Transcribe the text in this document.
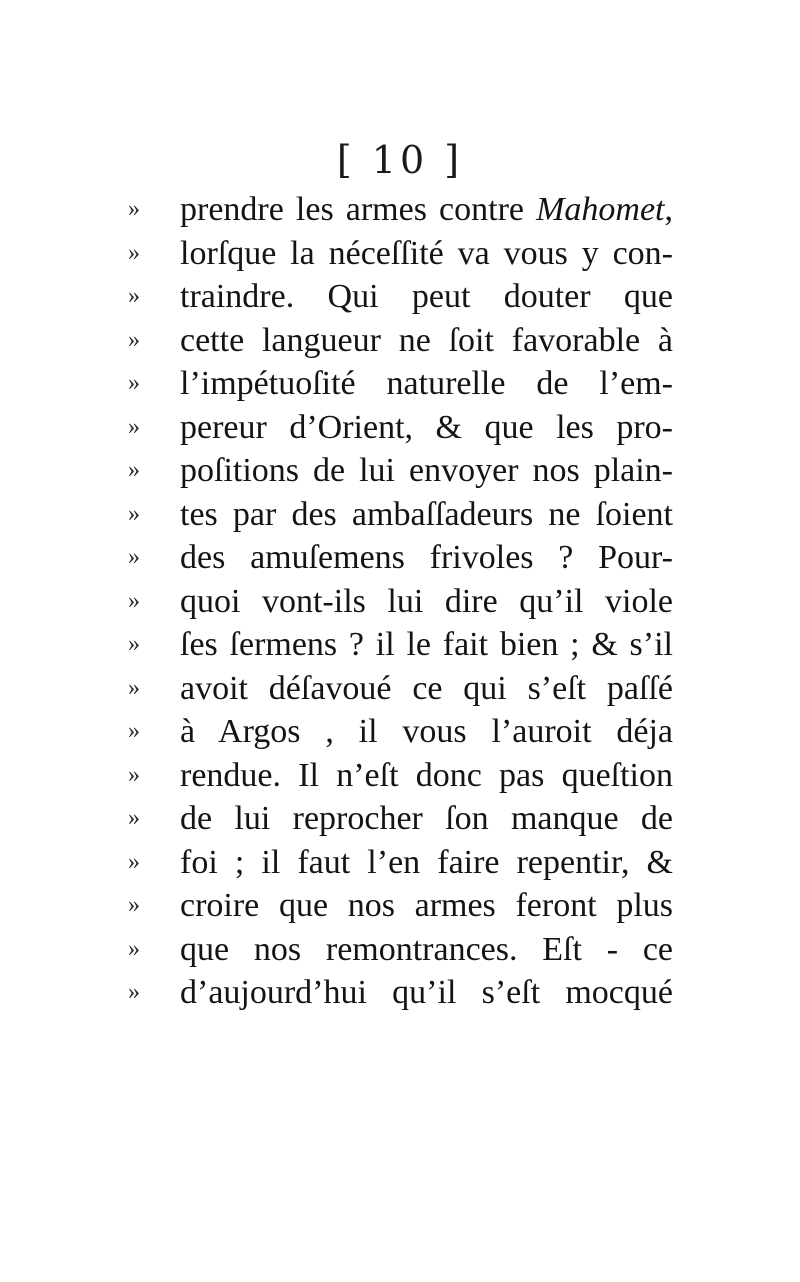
[ 10 ]
»	prendre les armes contre Mahomet,
»	lorſque la néceſſité va vous y con-
»	traindre. Qui peut douter que
»	cette langueur ne ſoit favorable à
»	l’impétuoſité naturelle de l’em-
»	pereur d’Orient, & que les pro-
»	poſitions de lui envoyer nos plain-
»	tes par des ambaſſadeurs ne ſoient
»	des amuſemens frivoles ? Pour-
»	quoi vont-ils lui dire qu’il viole
»	ſes ſermens ? il le fait bien ; & s’il
»	avoit déſavoué ce qui s’eſt paſſé
»	à Argos , il vous l’auroit déja
»	rendue. Il n’eſt donc pas queſtion
»	de lui reprocher ſon manque de
»	foi ; il faut l’en faire repentir, &
»	croire que nos armes feront plus
»	que nos remontrances. Eſt - ce
»	d’aujourd’hui qu’il s’eſt mocqué
